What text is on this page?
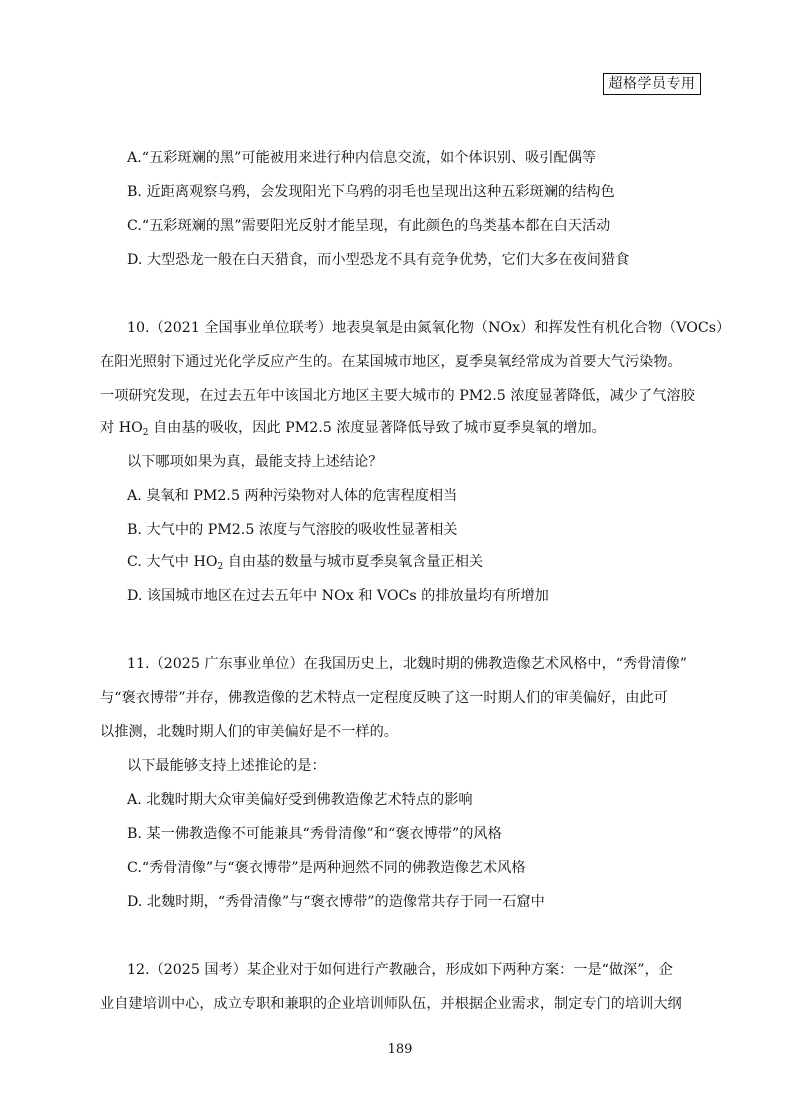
超格学员专用
A.“五彩斑斓的黑”可能被用来进行种内信息交流，如个体识别、吸引配偶等
B. 近距离观察乌鸦，会发现阳光下乌鸦的羽毛也呈现出这种五彩斑斓的结构色
C.“五彩斑斓的黑”需要阳光反射才能呈现，有此颜色的鸟类基本都在白天活动
D. 大型恐龙一般在白天猎食，而小型恐龙不具有竞争优势，它们大多在夜间猎食
10.（2021 全国事业单位联考）地表臭氧是由氮氧化物（NOx）和挥发性有机化合物（VOCs）
在阳光照射下通过光化学反应产生的。在某国城市地区，夏季臭氧经常成为首要大气污染物。
一项研究发现，在过去五年中该国北方地区主要大城市的 PM2.5 浓度显著降低，减少了气溶胶
对 $HO_2$ 自由基的吸收，因此 PM2.5 浓度显著降低导致了城市夏季臭氧的增加。
以下哪项如果为真，最能支持上述结论？
A. 臭氧和 PM2.5 两种污染物对人体的危害程度相当
B. 大气中的 PM2.5 浓度与气溶胶的吸收性显著相关
C. 大气中 $HO_2$ 自由基的数量与城市夏季臭氧含量正相关
D. 该国城市地区在过去五年中 NOx 和 VOCs 的排放量均有所增加
11.（2025 广东事业单位）在我国历史上，北魏时期的佛教造像艺术风格中，“秀骨清像”
与“褒衣博带”并存，佛教造像的艺术特点一定程度反映了这一时期人们的审美偏好，由此可
以推测，北魏时期人们的审美偏好是不一样的。
以下最能够支持上述推论的是：
A. 北魏时期大众审美偏好受到佛教造像艺术特点的影响
B. 某一佛教造像不可能兼具“秀骨清像”和“褒衣博带”的风格
C.“秀骨清像”与“褒衣博带”是两种迥然不同的佛教造像艺术风格
D. 北魏时期，“秀骨清像”与“褒衣博带”的造像常共存于同一石窟中
12.（2025 国考）某企业对于如何进行产教融合，形成如下两种方案：一是“做深”，企
业自建培训中心，成立专职和兼职的企业培训师队伍，并根据企业需求，制定专门的培训大纲
189
